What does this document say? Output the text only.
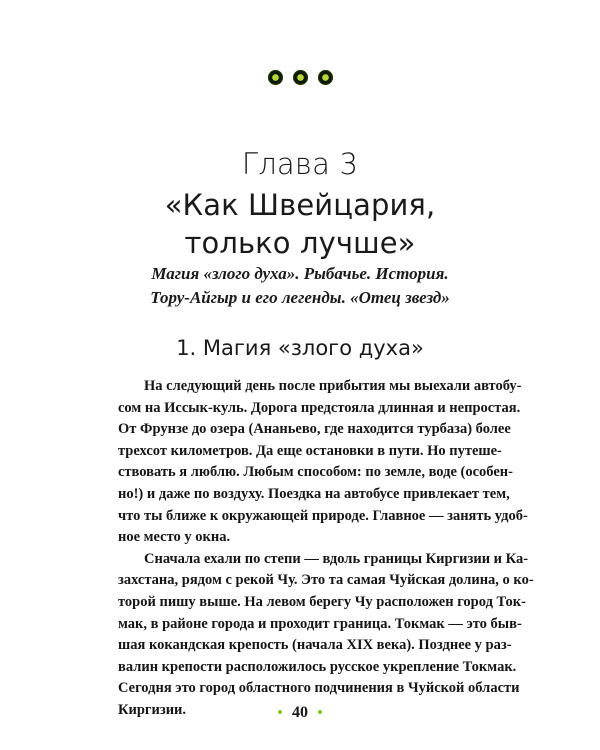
Глава 3
«Как Швейцария,
только лучше»
Магия «злого духа». Рыбачье. История.
Тору-Айгыр и его легенды. «Отец звезд»
1. Магия «злого духа»

На следующий день после прибытия мы выехали автобу-
сом на Иссык-куль. Дорога предстояла длинная и непростая.
От Фрунзе до озера (Ананьево, где находится турбаза) более
трехсот километров. Да еще остановки в пути. Но путеше-
ствовать я люблю. Любым способом: по земле, воде (особен-
но!) и даже по воздуху. Поездка на автобусе привлекает тем,
что ты ближе к окружающей природе. Главное — занять удоб-
ное место у окна.

Сначала ехали по степи — вдоль границы Киргизии и Ка-
захстана, рядом с рекой Чу. Это та самая Чуйская долина, о ко-
торой пишу выше. На левом берегу Чу расположен город Ток-
мак, в районе города и проходит граница. Токмак — это быв-
шая кокандская крепость (начала XIX века). Позднее у раз-
валин крепости расположилось русское укрепление Токмак.
Сегодня это город областного подчинения в Чуйской области
Киргизии.	40
